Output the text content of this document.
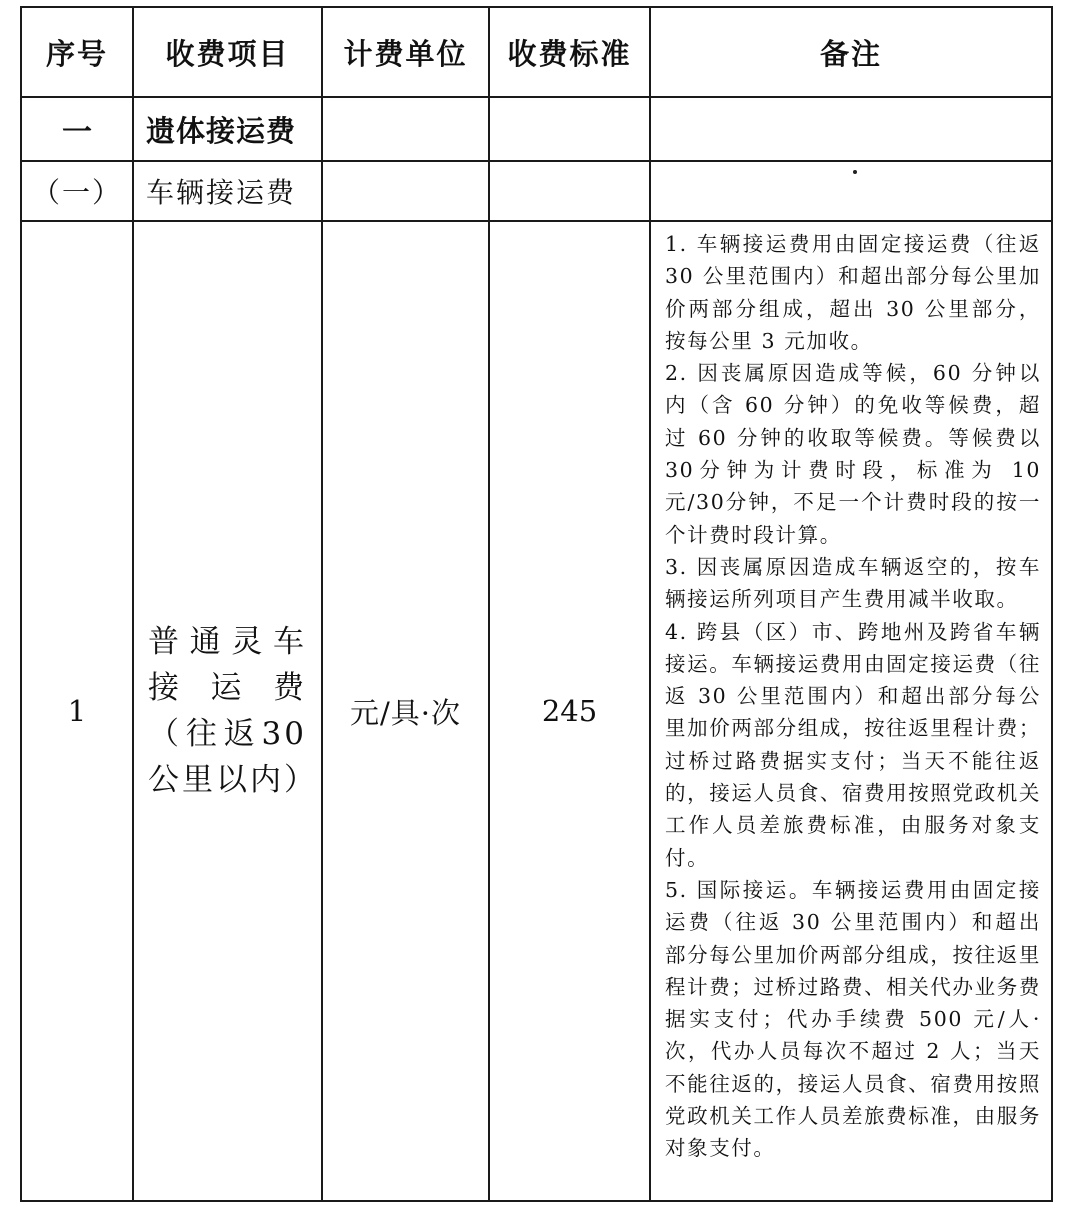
序号	收费项目	计费单位	收费标准	备注
一	遗体接运费			
（一）	车辆接运费			

1	普通灵车接运费（往返30公里以内）	元/具·次	245	1. 车辆接运费用由固定接运费（往返 30 公里范围内）和超出部分每公里加价两部分组成，超出 30 公里部分，按每公里 3 元加收。

2. 因丧属原因造成等候，60 分钟以内（含 60 分钟）的免收等候费，超过 60 分钟的收取等候费。等候费以30分钟为计费时段，标准为 10 元/30分钟，不足一个计费时段的按一个计费时段计算。

3. 因丧属原因造成车辆返空的，按车辆接运所列项目产生费用减半收取。

4. 跨县（区）市、跨地州及跨省车辆接运。车辆接运费用由固定接运费（往返 30 公里范围内）和超出部分每公里加价两部分组成，按往返里程计费；过桥过路费据实支付；当天不能往返的，接运人员食、宿费用按照党政机关工作人员差旅费标准，由服务对象支付。

5. 国际接运。车辆接运费用由固定接运费（往返 30 公里范围内）和超出部分每公里加价两部分组成，按往返里程计费；过桥过路费、相关代办业务费据实支付；代办手续费 500 元/人·次，代办人员每次不超过 2 人；当天不能往返的，接运人员食、宿费用按照党政机关工作人员差旅费标准，由服务对象支付。
